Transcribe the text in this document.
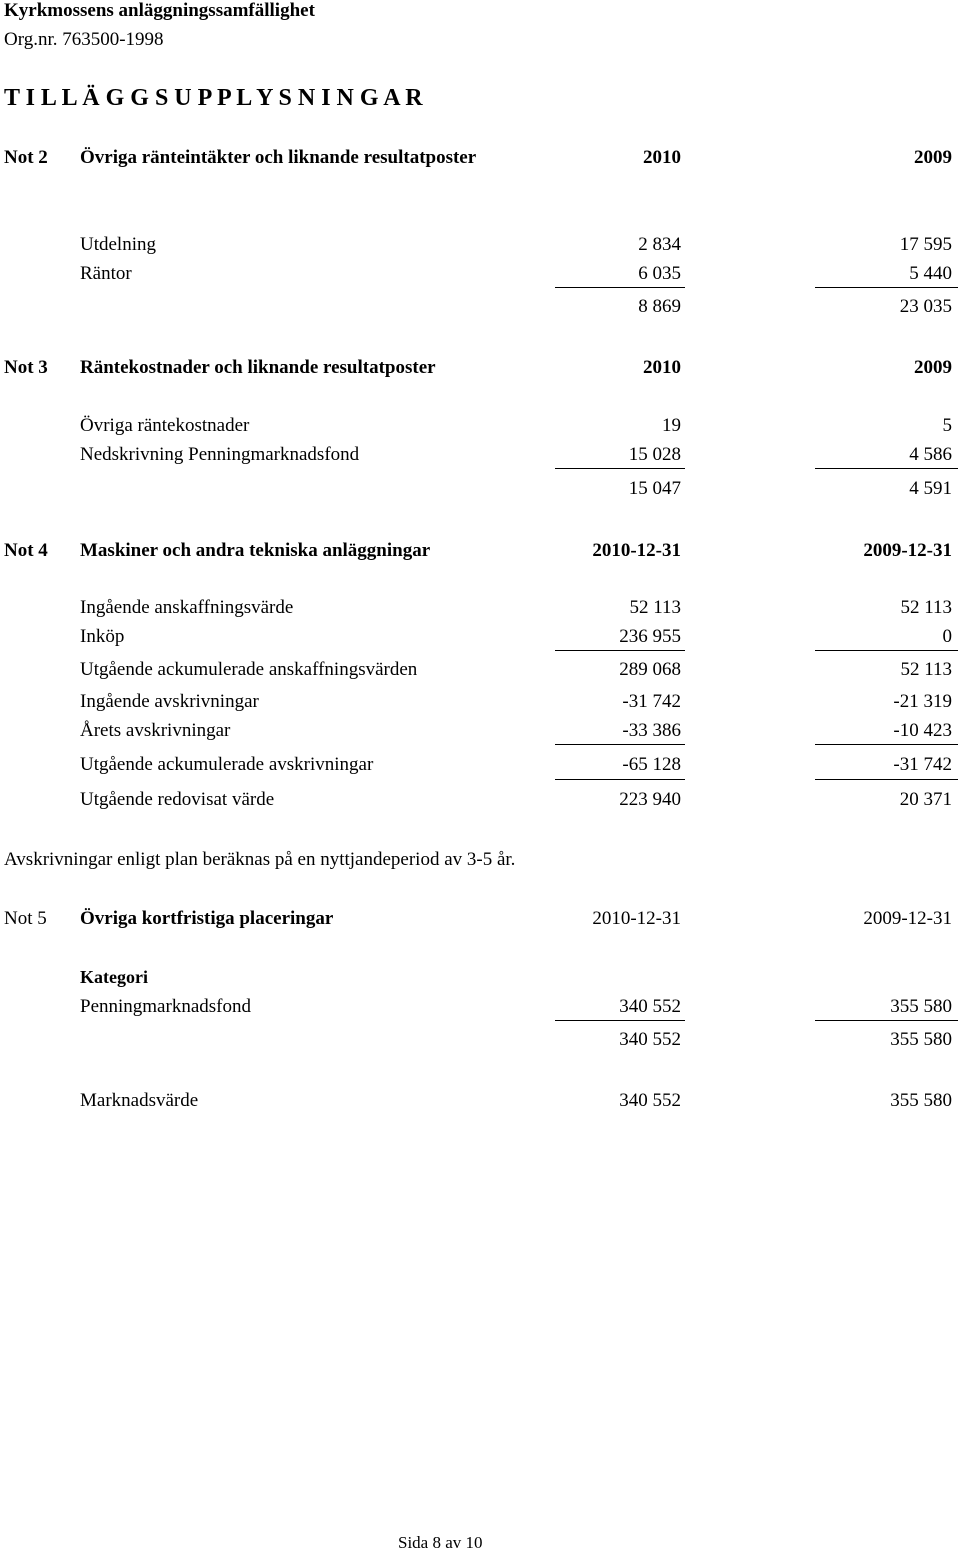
Kyrkmossens anläggningssamfällighet
Org.nr. 763500-1998
T I L L Ä G G S U P P L Y S N I N G A R
Not 2 Övriga ränteintäkter och liknande resultatposter	2010	2009
Utdelning	2 834	17 595
Räntor	6 035	5 440
8 869	23 035
Not 3 Räntekostnader och liknande resultatposter	2010	2009
Övriga räntekostnader	19	5
Nedskrivning Penningmarknadsfond	15 028	4 586
15 047	4 591
Not 4 Maskiner och andra tekniska anläggningar	2010-12-31	2009-12-31
Ingående anskaffningsvärde	52 113	52 113
Inköp	236 955	0
Utgående ackumulerade anskaffningsvärden	289 068	52 113
Ingående avskrivningar	-31 742	-21 319
Årets avskrivningar	-33 386	-10 423
Utgående ackumulerade avskrivningar	-65 128	-31 742
Utgående redovisat värde	223 940	20 371
Avskrivningar enligt plan beräknas på en nyttjandeperiod av 3-5 år.
Not 5 Övriga kortfristiga placeringar	2010-12-31	2009-12-31
Kategori
Penningmarknadsfond	340 552	355 580
340 552	355 580
Marknadsvärde	340 552	355 580
Sida 8 av 10
